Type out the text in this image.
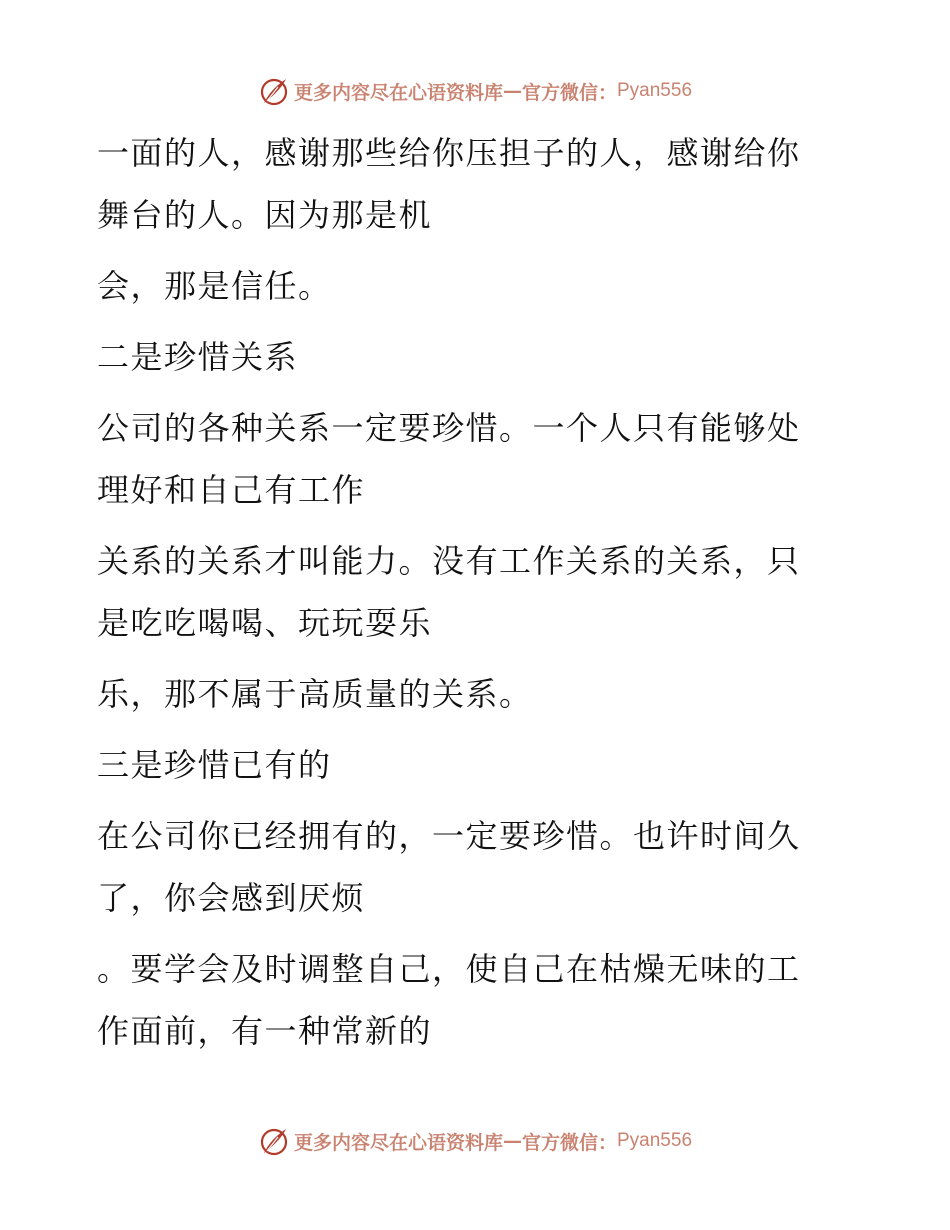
更多内容尽在心语资料库 — 官方微信： Pyan556
一面的人，感谢那些给你压担子的人，感谢给你
舞台的人。因为那是机
会，那是信任。
二是珍惜关系
公司的各种关系一定要珍惜。一个人只有能够处
理好和自己有工作
关系的关系才叫能力。没有工作关系的关系，只
是吃吃喝喝、玩玩耍乐
乐，那不属于高质量的关系。
三是珍惜已有的
在公司你已经拥有的，一定要珍惜。也许时间久
了，你会感到厌烦
。要学会及时调整自己，使自己在枯燥无味的工
作面前，有一种常新的
更多内容尽在心语资料库 — 官方微信： Pyan556
